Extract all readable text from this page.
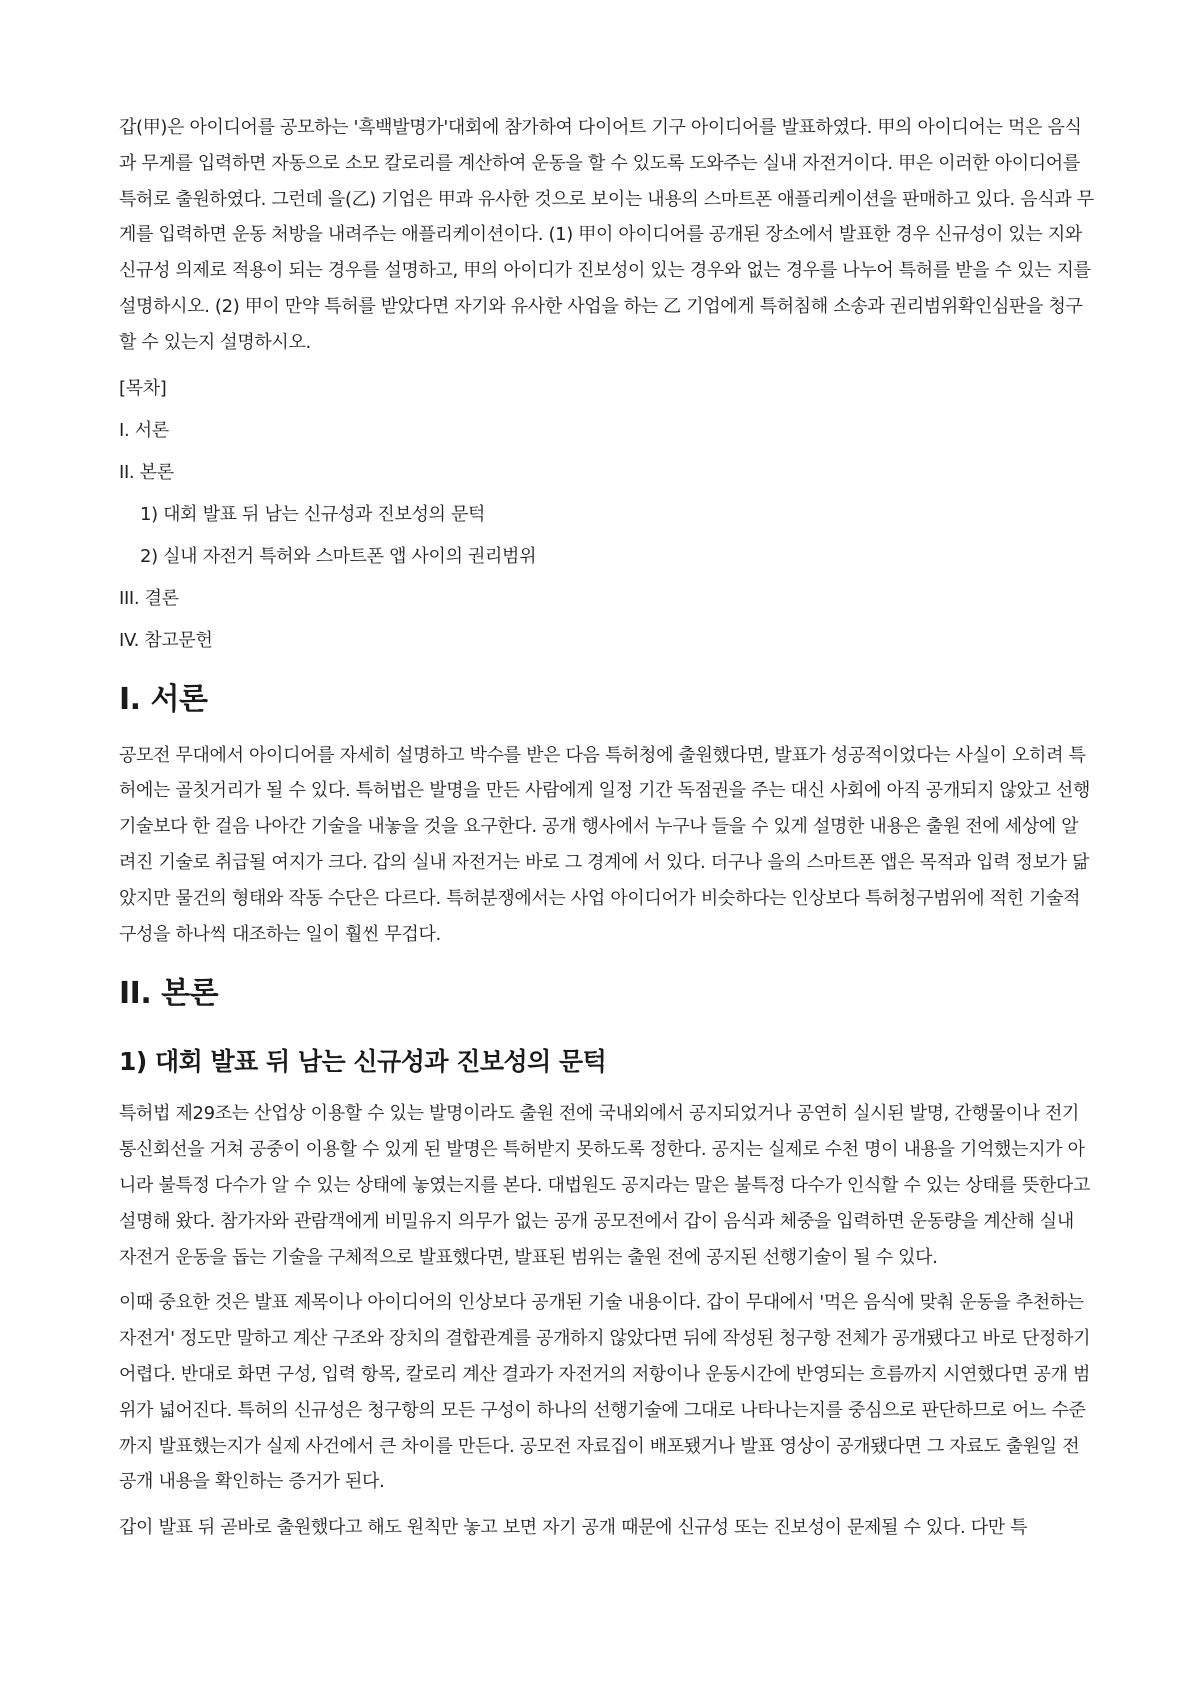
갑(甲)은 아이디어를 공모하는 '흑백발명가'대회에 참가하여 다이어트 기구 아이디어를 발표하였다. 甲의 아이디어는 먹은 음식과 무게를 입력하면 자동으로 소모 칼로리를 계산하여 운동을 할 수 있도록 도와주는 실내 자전거이다. 甲은 이러한 아이디어를 특허로 출원하였다. 그런데 을(乙) 기업은 甲과 유사한 것으로 보이는 내용의 스마트폰 애플리케이션을 판매하고 있다. 음식과 무게를 입력하면 운동 처방을 내려주는 애플리케이션이다. (1) 甲이 아이디어를 공개된 장소에서 발표한 경우 신규성이 있는 지와 신규성 의제로 적용이 되는 경우를 설명하고, 甲의 아이디가 진보성이 있는 경우와 없는 경우를 나누어 특허를 받을 수 있는 지를 설명하시오. (2) 甲이 만약 특허를 받았다면 자기와 유사한 사업을 하는 乙 기업에게 특허침해 소송과 권리범위확인심판을 청구할 수 있는지 설명하시오.

[목차]

I. 서론

II. 본론

1) 대회 발표 뒤 남는 신규성과 진보성의 문턱

2) 실내 자전거 특허와 스마트폰 앱 사이의 권리범위

III. 결론

IV. 참고문헌

I. 서론

공모전 무대에서 아이디어를 자세히 설명하고 박수를 받은 다음 특허청에 출원했다면, 발표가 성공적이었다는 사실이 오히려 특허에는 골칫거리가 될 수 있다. 특허법은 발명을 만든 사람에게 일정 기간 독점권을 주는 대신 사회에 아직 공개되지 않았고 선행기술보다 한 걸음 나아간 기술을 내놓을 것을 요구한다. 공개 행사에서 누구나 들을 수 있게 설명한 내용은 출원 전에 세상에 알려진 기술로 취급될 여지가 크다. 갑의 실내 자전거는 바로 그 경계에 서 있다. 더구나 을의 스마트폰 앱은 목적과 입력 정보가 닮았지만 물건의 형태와 작동 수단은 다르다. 특허분쟁에서는 사업 아이디어가 비슷하다는 인상보다 특허청구범위에 적힌 기술적 구성을 하나씩 대조하는 일이 훨씬 무겁다.

II. 본론
1) 대회 발표 뒤 남는 신규성과 진보성의 문턱

특허법 제29조는 산업상 이용할 수 있는 발명이라도 출원 전에 국내외에서 공지되었거나 공연히 실시된 발명, 간행물이나 전기통신회선을 거쳐 공중이 이용할 수 있게 된 발명은 특허받지 못하도록 정한다. 공지는 실제로 수천 명이 내용을 기억했는지가 아니라 불특정 다수가 알 수 있는 상태에 놓였는지를 본다. 대법원도 공지라는 말은 불특정 다수가 인식할 수 있는 상태를 뜻한다고 설명해 왔다. 참가자와 관람객에게 비밀유지 의무가 없는 공개 공모전에서 갑이 음식과 체중을 입력하면 운동량을 계산해 실내 자전거 운동을 돕는 기술을 구체적으로 발표했다면, 발표된 범위는 출원 전에 공지된 선행기술이 될 수 있다.

이때 중요한 것은 발표 제목이나 아이디어의 인상보다 공개된 기술 내용이다. 갑이 무대에서 '먹은 음식에 맞춰 운동을 추천하는 자전거' 정도만 말하고 계산 구조와 장치의 결합관계를 공개하지 않았다면 뒤에 작성된 청구항 전체가 공개됐다고 바로 단정하기 어렵다. 반대로 화면 구성, 입력 항목, 칼로리 계산 결과가 자전거의 저항이나 운동시간에 반영되는 흐름까지 시연했다면 공개 범위가 넓어진다. 특허의 신규성은 청구항의 모든 구성이 하나의 선행기술에 그대로 나타나는지를 중심으로 판단하므로 어느 수준까지 발표했는지가 실제 사건에서 큰 차이를 만든다. 공모전 자료집이 배포됐거나 발표 영상이 공개됐다면 그 자료도 출원일 전 공개 내용을 확인하는 증거가 된다.

갑이 발표 뒤 곧바로 출원했다고 해도 원칙만 놓고 보면 자기 공개 때문에 신규성 또는 진보성이 문제될 수 있다. 다만 특
